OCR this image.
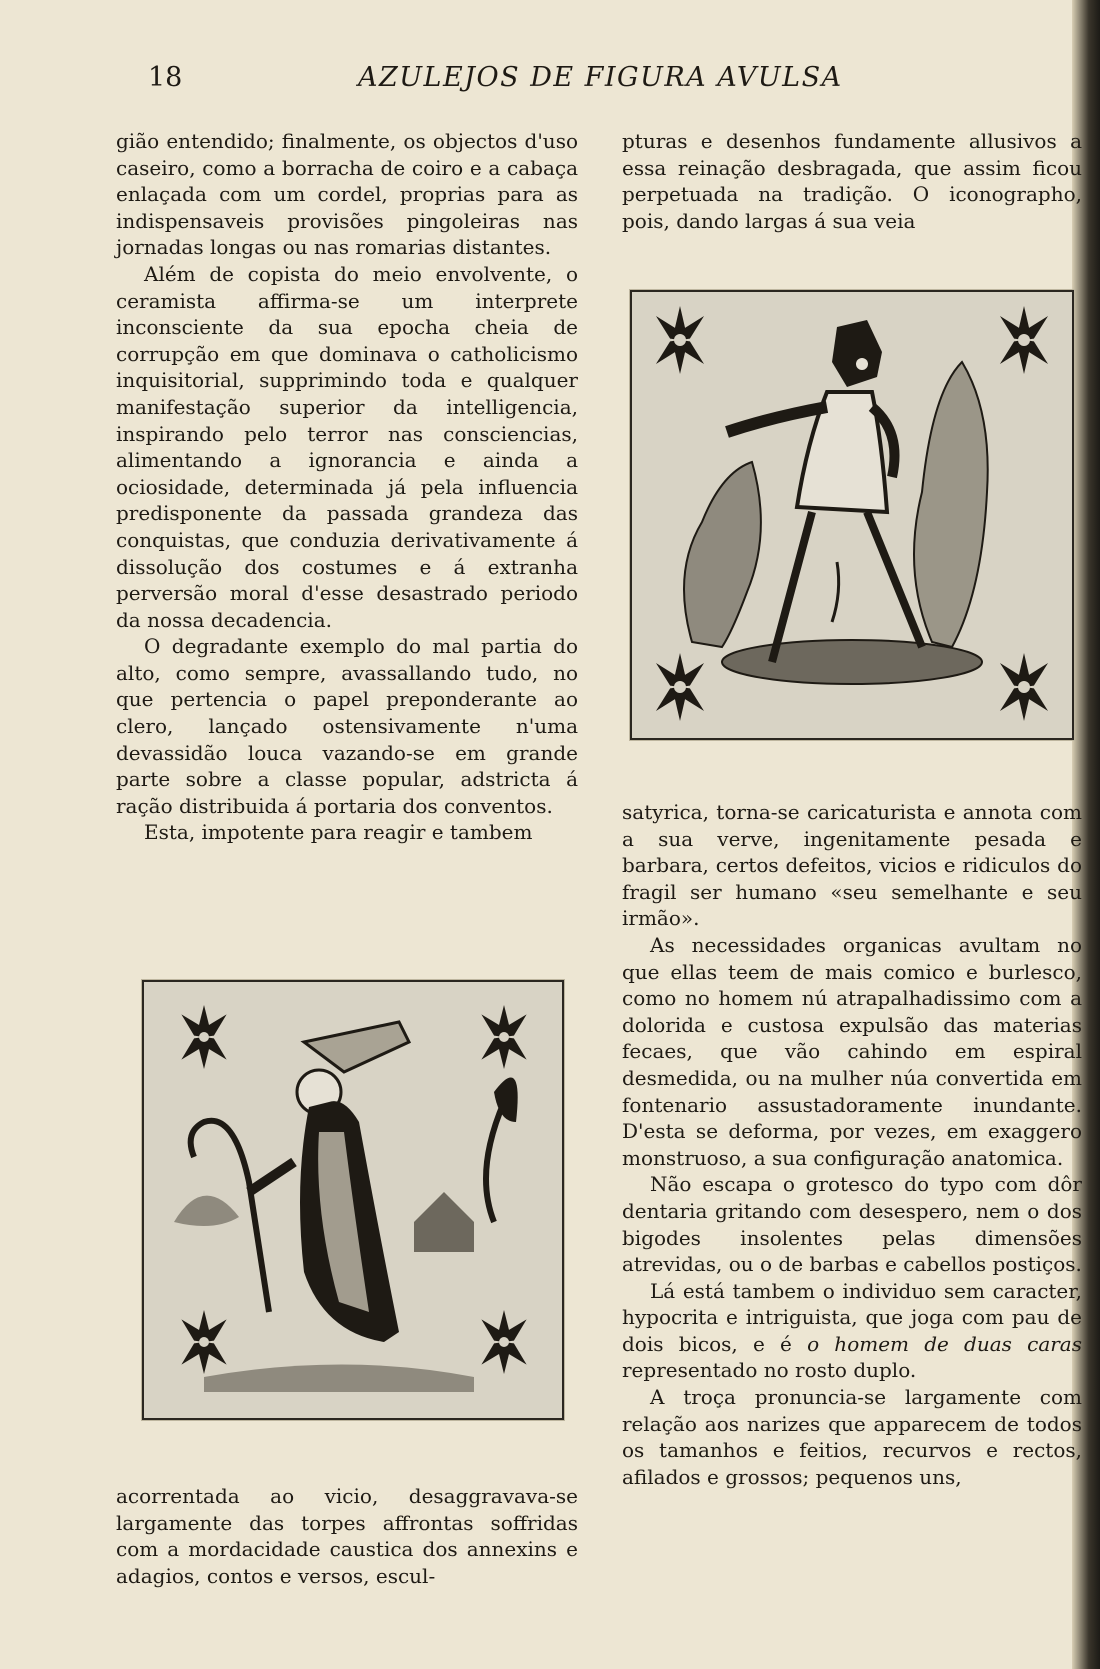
18	AZULEJOS DE FIGURA AVULSA

gião entendido; finalmente, os objectos d'uso caseiro, como a borracha de coiro e a cabaça enlaçada com um cordel, proprias para as indispensaveis provisões pingoleiras nas jornadas longas ou nas romarias distantes.

Além de copista do meio envolvente, o ceramista affirma-se um interprete inconsciente da sua epocha cheia de corrupção em que dominava o catholicismo inquisitorial, supprimindo toda e qualquer manifestação superior da intelligencia, inspirando pelo terror nas consciencias, alimentando a ignorancia e ainda a ociosidade, determinada já pela influencia predisponente da passada grandeza das conquistas, que conduzia derivativamente á dissolução dos costumes e á extranha perversão moral d'esse desastrado periodo da nossa decadencia.

O degradante exemplo do mal partia do alto, como sempre, avassallando tudo, no que pertencia o papel preponderante ao clero, lançado ostensivamente n'uma devassidão louca vazando-se em grande parte sobre a classe popular, adstricta á ração distribuida á portaria dos conventos.

Esta, impotente para reagir e tambem

acorrentada ao vicio, desaggravava-se largamente das torpes affrontas soffridas com a mordacidade caustica dos annexins e adagios, contos e versos, escul-

pturas e desenhos fundamente allusivos a essa reinação desbragada, que assim ficou perpetuada na tradição. O iconographo, pois, dando largas á sua veia

satyrica, torna-se caricaturista e annota com a sua verve, ingenitamente pesada e barbara, certos defeitos, vicios e ridiculos do fragil ser humano «seu semelhante e seu irmão».

As necessidades organicas avultam no que ellas teem de mais comico e burlesco, como no homem nú atrapalhadissimo com a dolorida e custosa expulsão das materias fecaes, que vão cahindo em espiral desmedida, ou na mulher núa convertida em fontenario assustadoramente inundante. D'esta se deforma, por vezes, em exaggero monstruoso, a sua configuração anatomica.

Não escapa o grotesco do typo com dôr dentaria gritando com desespero, nem o dos bigodes insolentes pelas dimensões atrevidas, ou o de barbas e cabellos postiços.

Lá está tambem o individuo sem caracter, hypocrita e intriguista, que joga com pau de dois bicos, e é o homem de duas caras representado no rosto duplo.

A troça pronuncia-se largamente com relação aos narizes que apparecem de todos os tamanhos e feitios, recurvos e rectos, afilados e grossos; pequenos uns,
